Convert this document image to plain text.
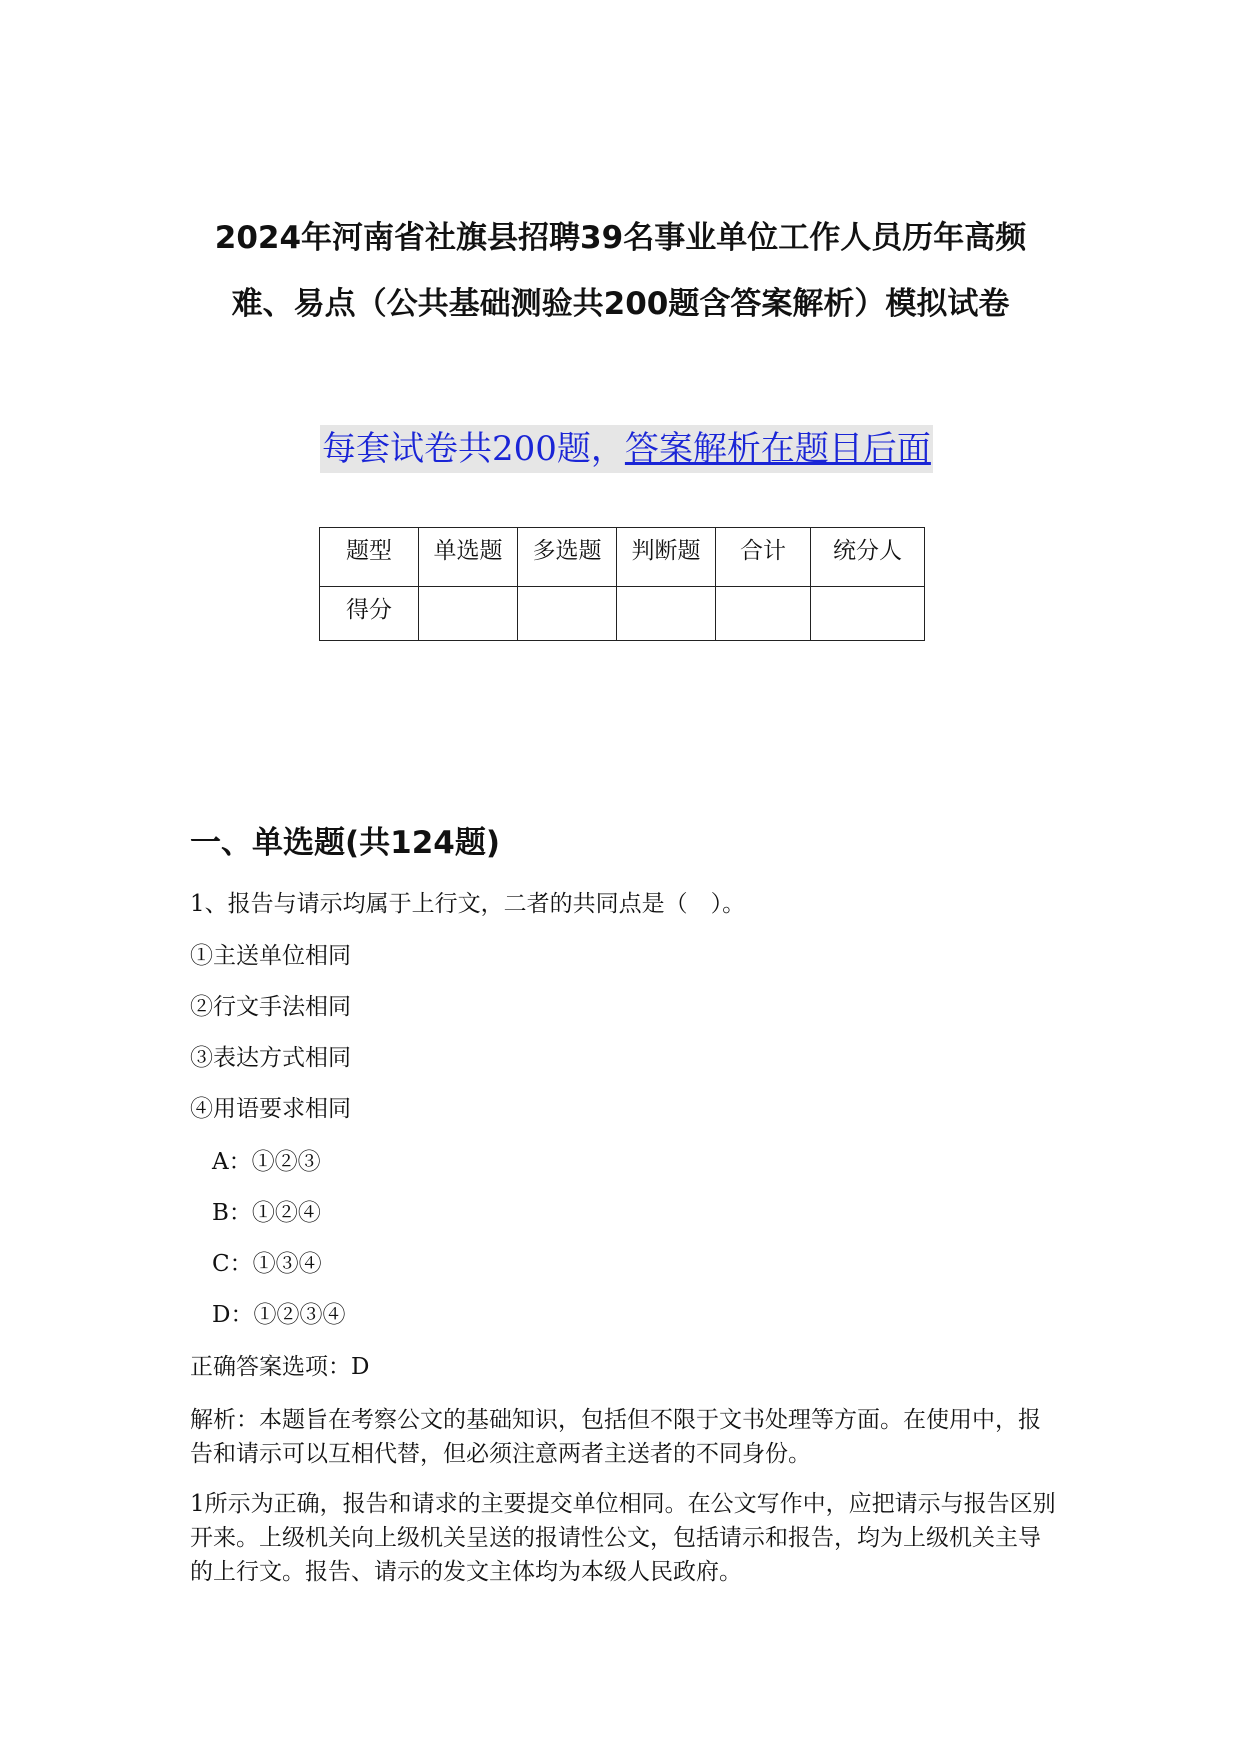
2024年河南省社旗县招聘39名事业单位工作人员历年高频
难、易点（公共基础测验共200题含答案解析）模拟试卷
每套试卷共200题，答案解析在题目后面
题型	单选题	多选题	判断题	合计	统分人
得分					
一、单选题(共124题)
1、报告与请示均属于上行文，二者的共同点是（　）。
①主送单位相同
②行文手法相同
③表达方式相同
④用语要求相同
A：①②③
B：①②④
C：①③④
D：①②③④
正确答案选项：D
解析：本题旨在考察公文的基础知识，包括但不限于文书处理等方面。在使用中，报告和请示可以互相代替，但必须注意两者主送者的不同身份。
1所示为正确，报告和请求的主要提交单位相同。在公文写作中，应把请示与报告区别开来。上级机关向上级机关呈送的报请性公文，包括请示和报告，均为上级机关主导的上行文。报告、请示的发文主体均为本级人民政府。
